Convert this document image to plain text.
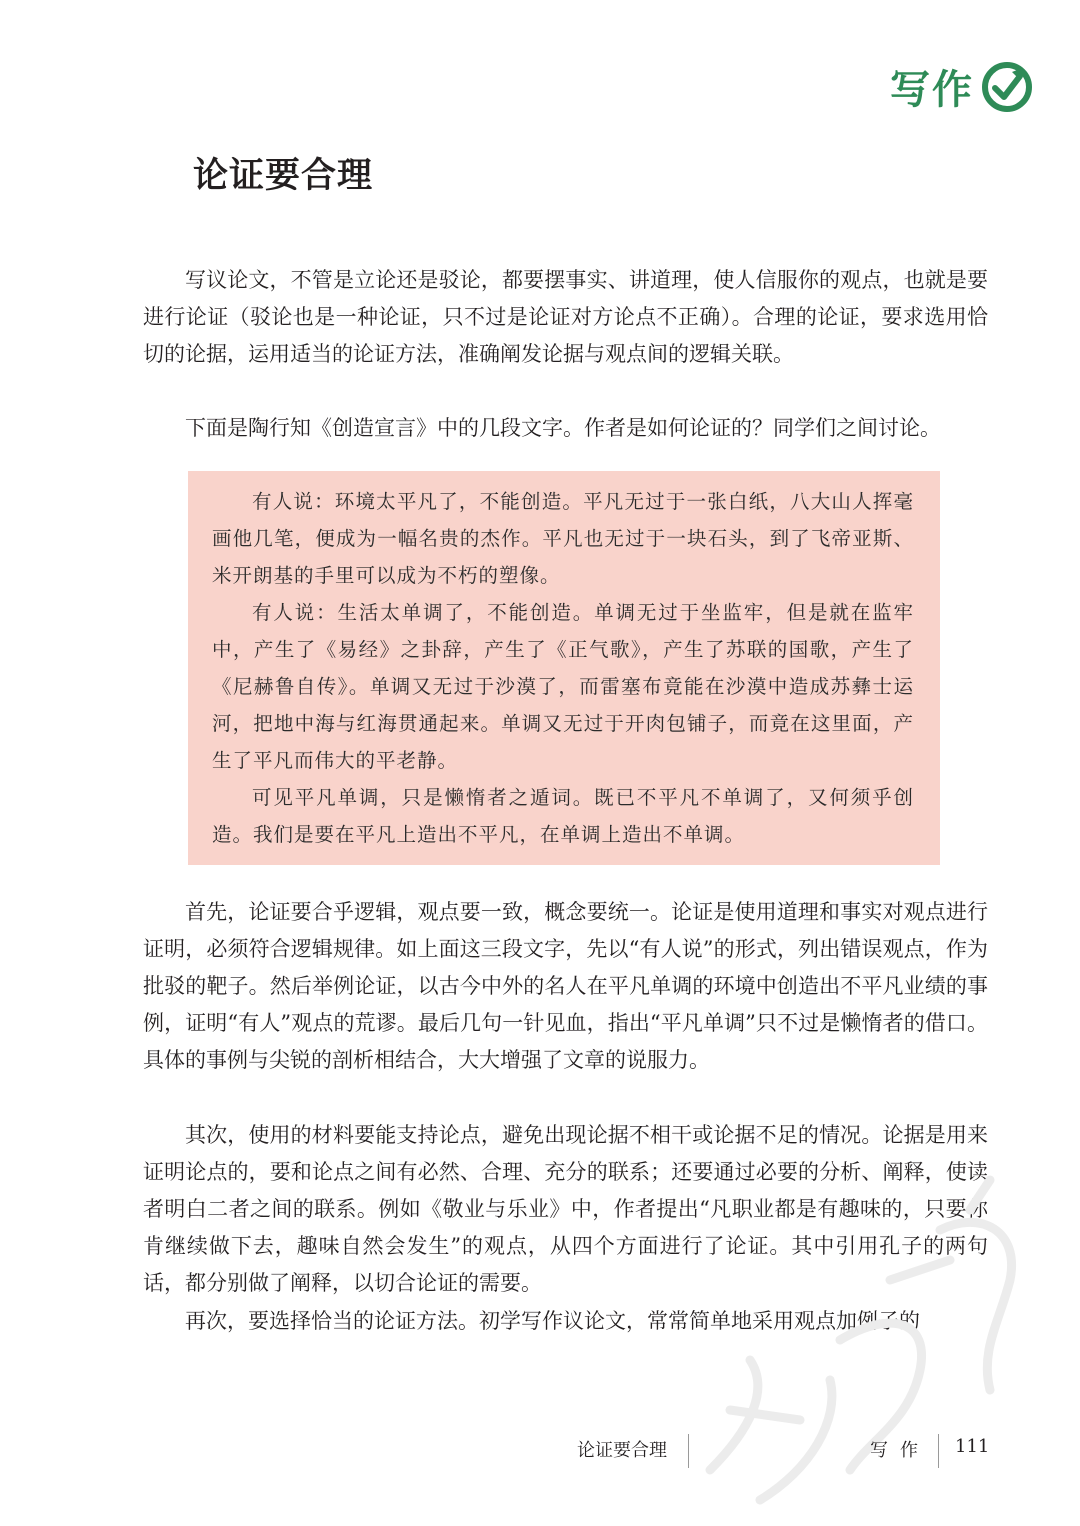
写作
论证要合理

写议论文，不管是立论还是驳论，都要摆事实、讲道理，使人信服你的观点，也就是要进行论证（驳论也是一种论证，只不过是论证对方论点不正确）。合理的论证，要求选用恰切的论据，运用适当的论证方法，准确阐发论据与观点间的逻辑关联。

下面是陶行知《创造宣言》中的几段文字。作者是如何论证的？同学们之间讨论。

有人说：环境太平凡了，不能创造。平凡无过于一张白纸，八大山人挥毫画他几笔，便成为一幅名贵的杰作。平凡也无过于一块石头，到了飞帝亚斯、米开朗基的手里可以成为不朽的塑像。

有人说：生活太单调了，不能创造。单调无过于坐监牢，但是就在监牢中，产生了《易经》之卦辞，产生了《正气歌》，产生了苏联的国歌，产生了《尼赫鲁自传》。单调又无过于沙漠了，而雷塞布竟能在沙漠中造成苏彝士运河，把地中海与红海贯通起来。单调又无过于开肉包铺子，而竟在这里面，产生了平凡而伟大的平老静。

可见平凡单调，只是懒惰者之遁词。既已不平凡不单调了，又何须乎创造。我们是要在平凡上造出不平凡，在单调上造出不单调。

首先，论证要合乎逻辑，观点要一致，概念要统一。论证是使用道理和事实对观点进行证明，必须符合逻辑规律。如上面这三段文字，先以“有人说”的形式，列出错误观点，作为批驳的靶子。然后举例论证，以古今中外的名人在平凡单调的环境中创造出不平凡业绩的事例，证明“有人”观点的荒谬。最后几句一针见血，指出“平凡单调”只不过是懒惰者的借口。具体的事例与尖锐的剖析相结合，大大增强了文章的说服力。

其次，使用的材料要能支持论点，避免出现论据不相干或论据不足的情况。论据是用来证明论点的，要和论点之间有必然、合理、充分的联系；还要通过必要的分析、阐释，使读者明白二者之间的联系。例如《敬业与乐业》中，作者提出“凡职业都是有趣味的，只要你肯继续做下去，趣味自然会发生”的观点，从四个方面进行了论证。其中引用孔子的两句话，都分别做了阐释，以切合论证的需要。

再次，要选择恰当的论证方法。初学写作议论文，常常简单地采用观点加例子的

论证要合理	写作 111
